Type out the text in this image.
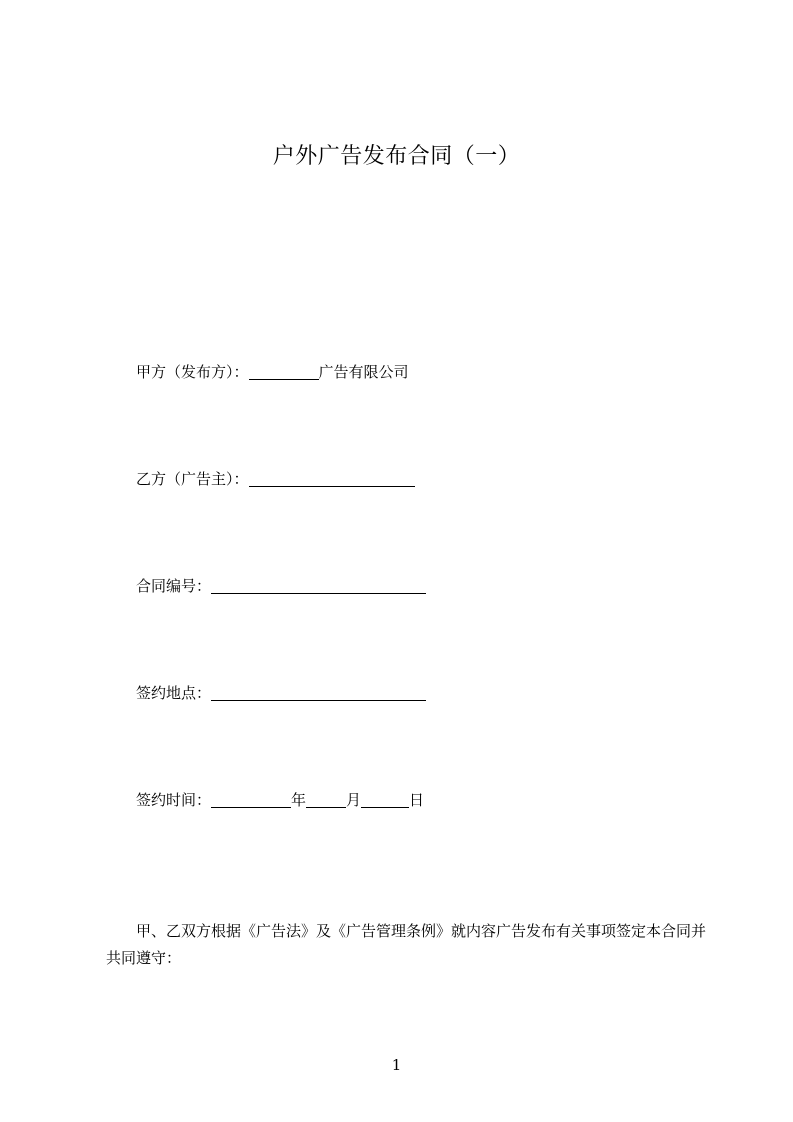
户外广告发布合同（一）
甲方（发布方）：	广告有限公司
乙方（广告主）：
合同编号：
签约地点：
签约时间：	年	月	日
甲、乙双方根据《广告法》及《广告管理条例》就内容广告发布有关事项签定本合同并共同遵守：
1
